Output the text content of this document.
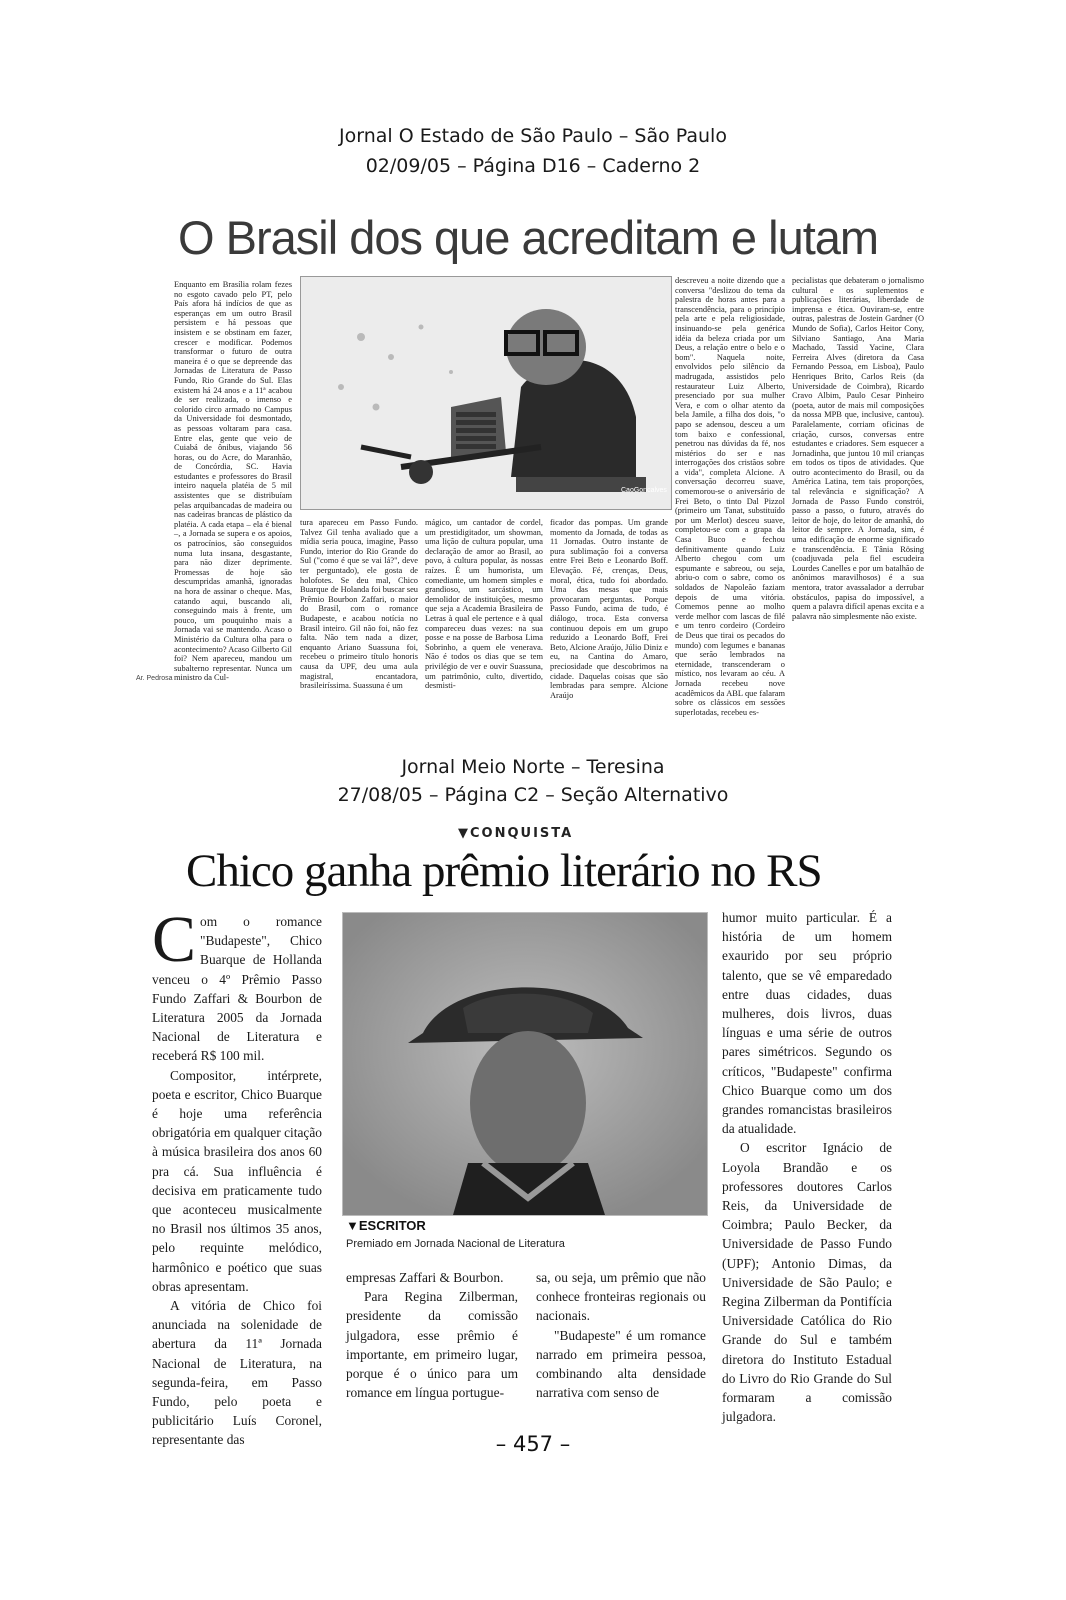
Jornal O Estado de São Paulo – São Paulo
02/09/05 – Página D16 – Caderno 2
O Brasil dos que acreditam e lutam
Enquanto em Brasília rolam fezes no esgoto cavado pelo PT, pelo País afora há indícios de que as esperanças em um outro Brasil persistem e há pessoas que insistem e se obstinam em fazer, crescer e modificar. Podemos transformar o futuro de outra maneira é o que se depreende das Jornadas de Literatura de Passo Fundo, Rio Grande do Sul. Elas existem há 24 anos e a 11ª acabou de ser realizada, o imenso e colorido circo armado no Campus da Universidade foi desmontado, as pessoas voltaram para casa. Entre elas, gente que veio de Cuiabá de ônibus, viajando 56 horas, ou do Acre, do Maranhão, de Concórdia, SC. Havia estudantes e professores do Brasil inteiro naquela platéia de 5 mil assistentes que se distribuíam pelas arquibancadas de madeira ou nas cadeiras brancas de plástico da platéia. A cada etapa – ela é bienal –, a Jornada se supera e os apoios, os patrocínios, são conseguidos numa luta insana, desgastante, para não dizer deprimente. Promessas de hoje são descumpridas amanhã, ignoradas na hora de assinar o cheque. Mas, catando aqui, buscando ali, conseguindo mais à frente, um pouco, um pouquinho mais a Jornada vai se mantendo. Acaso o Ministério da Cultura olha para o acontecimento? Acaso Gilberto Gil foi? Nem apareceu, mandou um subalterno representar. Nunca um ministro da Cul-
Ar. Pedrosa
CaoGoncalves
tura apareceu em Passo Fundo. Talvez Gil tenha avaliado que a mídia seria pouca, imagine, Passo Fundo, interior do Rio Grande do Sul ("como é que se vai lá?", deve ter perguntado), ele gosta de holofotes. Se deu mal, Chico Buarque de Holanda foi buscar seu Prêmio Bourbon Zaffari, o maior do Brasil, com o romance Budapeste, e acabou notícia no Brasil inteiro. Gil não foi, não fez falta. Não tem nada a dizer, enquanto Ariano Suassuna foi, recebeu o primeiro título honoris causa da UPF, deu uma aula magistral, encantadora, brasileiríssima. Suassuna é um
mágico, um cantador de cordel, um prestidigitador, um showman, uma lição de cultura popular, uma declaração de amor ao Brasil, ao povo, à cultura popular, às nossas raízes. É um humorista, um comediante, um homem simples e grandioso, um sarcástico, um demolidor de instituições, mesmo que seja a Academia Brasileira de Letras à qual ele pertence e à qual compareceu duas vezes: na sua posse e na posse de Barbosa Lima Sobrinho, a quem ele venerava. Não é todos os dias que se tem privilégio de ver e ouvir Suassuna, um patrimônio, culto, divertido, desmisti-
ficador das pompas. Um grande momento da Jornada, de todas as 11 Jornadas. Outro instante de pura sublimação foi a conversa entre Frei Beto e Leonardo Boff. Elevação. Fé, crenças, Deus, moral, ética, tudo foi abordado. Uma das mesas que mais provocaram perguntas. Porque Passo Fundo, acima de tudo, é diálogo, troca. Esta conversa continuou depois em um grupo reduzido a Leonardo Boff, Frei Beto, Alcione Araújo, Júlio Diniz e eu, na Cantina do Amaro, preciosidade que descobrimos na cidade. Daquelas coisas que são lembradas para sempre. Alcione Araújo
descreveu a noite dizendo que a conversa "deslizou do tema da palestra de horas antes para a transcendência, para o princípio pela arte e pela religiosidade, insinuando-se pela genérica idéia da beleza criada por um Deus, a relação entre o belo e o bom". Naquela noite, envolvidos pelo silêncio da madrugada, assistidos pelo restaurateur Luiz Alberto, presenciado por sua mulher Vera, e com o olhar atento da bela Jamile, a filha dos dois, "o papo se adensou, desceu a um tom baixo e confessional, penetrou nas dúvidas da fé, nos mistérios do ser e nas interrogações dos cristãos sobre a vida", completa Alcione. A conversação decorreu suave, comemorou-se o aniversário de Frei Beto, o tinto Dal Pizzol (primeiro um Tanat, substituído por um Merlot) desceu suave, completou-se com a grapa da Casa Buco e fechou definitivamente quando Luiz Alberto chegou com um espumante e sabreou, ou seja, abriu-o com o sabre, como os soldados de Napoleão faziam depois de uma vitória. Comemos penne ao molho verde melhor com lascas de filé e um tenro cordeiro (Cordeiro de Deus que tirai os pecados do mundo) com legumes e bananas que serão lembrados na eternidade, transcenderam o místico, nos levaram ao céu. A Jornada recebeu nove acadêmicos da ABL que falaram sobre os clássicos em sessões superlotadas, recebeu es-
pecialistas que debateram o jornalismo cultural e os suplementos e publicações literárias, liberdade de imprensa e ética. Ouviram-se, entre outras, palestras de Jostein Gardner (O Mundo de Sofia), Carlos Heitor Cony, Silviano Santiago, Ana Maria Machado, Tassid Yacine, Clara Ferreira Alves (diretora da Casa Fernando Pessoa, em Lisboa), Paulo Henriques Brito, Carlos Reis (da Universidade de Coimbra), Ricardo Cravo Albim, Paulo Cesar Pinheiro (poeta, autor de mais mil composições da nossa MPB que, inclusive, cantou). Paralelamente, corriam oficinas de criação, cursos, conversas entre estudantes e criadores. Sem esquecer a Jornadinha, que juntou 10 mil crianças em todos os tipos de atividades. Que outro acontecimento do Brasil, ou da América Latina, tem tais proporções, tal relevância e significação? A Jornada de Passo Fundo constrói, passo a passo, o futuro, através do leitor de hoje, do leitor de amanhã, do leitor de sempre. A Jornada, sim, é uma edificação de enorme significado e transcendência. E Tânia Rösing (coadjuvada pela fiel escudeira Lourdes Canelles e por um batalhão de anônimos maravilhosos) é a sua mentora, trator avassalador a derrubar obstáculos, papisa do impossível, a quem a palavra difícil apenas excita e a palavra não simplesmente não existe.
Jornal Meio Norte – Teresina
27/08/05 – Página C2 – Seção Alternativo
▼CONQUISTA
Chico ganha prêmio literário no RS

Com o romance "Budapeste", Chico Buarque de Hollanda venceu o 4º Prêmio Passo Fundo Zaffari & Bourbon de Literatura 2005 da Jornada Nacional de Literatura e receberá R$ 100 mil.

Compositor, intérprete, poeta e escritor, Chico Buarque é hoje uma referência obrigatória em qualquer citação à música brasileira dos anos 60 pra cá. Sua influência é decisiva em praticamente tudo que aconteceu musicalmente no Brasil nos últimos 35 anos, pelo requinte melódico, harmônico e poético que suas obras apresentam.

A vitória de Chico foi anunciada na solenidade de abertura da 11ª Jornada Nacional de Literatura, na segunda-feira, em Passo Fundo, pelo poeta e publicitário Luís Coronel, representante das

▼ESCRITOR
Premiado em Jornada Nacional de Literatura

empresas Zaffari & Bourbon.

Para Regina Zilberman, presidente da comissão julgadora, esse prêmio é importante, em primeiro lugar, porque é o único para um romance em língua portugue-

sa, ou seja, um prêmio que não conhece fronteiras regionais ou nacionais.

"Budapeste" é um romance narrado em primeira pessoa, combinando alta densidade narrativa com senso de

humor muito particular. É a história de um homem exaurido por seu próprio talento, que se vê emparedado entre duas cidades, duas mulheres, dois livros, duas línguas e uma série de outros pares simétricos. Segundo os críticos, "Budapeste" confirma Chico Buarque como um dos grandes romancistas brasileiros da atualidade.

O escritor Ignácio de Loyola Brandão e os professores doutores Carlos Reis, da Universidade de Coimbra; Paulo Becker, da Universidade de Passo Fundo (UPF); Antonio Dimas, da Universidade de São Paulo; e Regina Zilberman da Pontifícia Universidade Católica do Rio Grande do Sul e também diretora do Instituto Estadual do Livro do Rio Grande do Sul formaram a comissão julgadora.

– 457 –
